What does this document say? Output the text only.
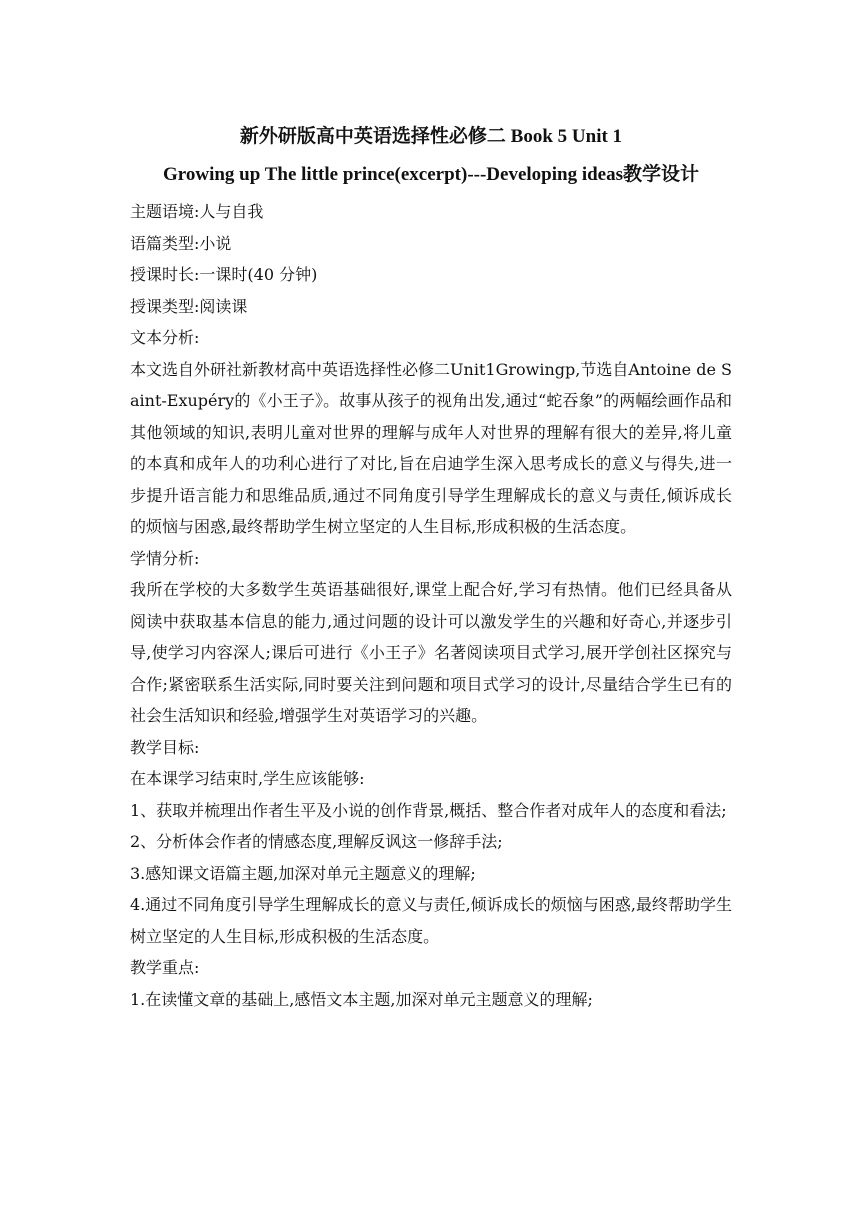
新外研版高中英语选择性必修二 Book 5 Unit 1

Growing up The little prince(excerpt)---Developing ideas教学设计

主题语境:人与自我

语篇类型:小说

授课时长:一课时(40 分钟)

授课类型:阅读课

文本分析:

本文选自外研社新教材高中英语选择性必修二Unit1Growingp,节选自Antoine de Saint-Exupéry的《小王子》。故事从孩子的视角出发,通过“蛇吞象”的两幅绘画作品和其他领域的知识,表明儿童对世界的理解与成年人对世界的理解有很大的差异,将儿童的本真和成年人的功利心进行了对比,旨在启迪学生深入思考成长的意义与得失,进一步提升语言能力和思维品质,通过不同角度引导学生理解成长的意义与责任,倾诉成长的烦恼与困惑,最终帮助学生树立坚定的人生目标,形成积极的生活态度。

学情分析:

我所在学校的大多数学生英语基础很好,课堂上配合好,学习有热情。他们已经具备从阅读中获取基本信息的能力,通过问题的设计可以激发学生的兴趣和好奇心,并逐步引导,使学习内容深人;课后可进行《小王子》名著阅读项目式学习,展开学创社区探究与合作;紧密联系生活实际,同时要关注到问题和项目式学习的设计,尽量结合学生已有的社会生活知识和经验,增强学生对英语学习的兴趣。

教学目标:

在本课学习结束时,学生应该能够:

1、获取并梳理出作者生平及小说的创作背景,概括、整合作者对成年人的态度和看法;

2、分析体会作者的情感态度,理解反讽这一修辞手法;

3.感知课文语篇主题,加深对单元主题意义的理解;

4.通过不同角度引导学生理解成长的意义与责任,倾诉成长的烦恼与困惑,最终帮助学生树立坚定的人生目标,形成积极的生活态度。

教学重点:

1.在读懂文章的基础上,感悟文本主题,加深对单元主题意义的理解;
